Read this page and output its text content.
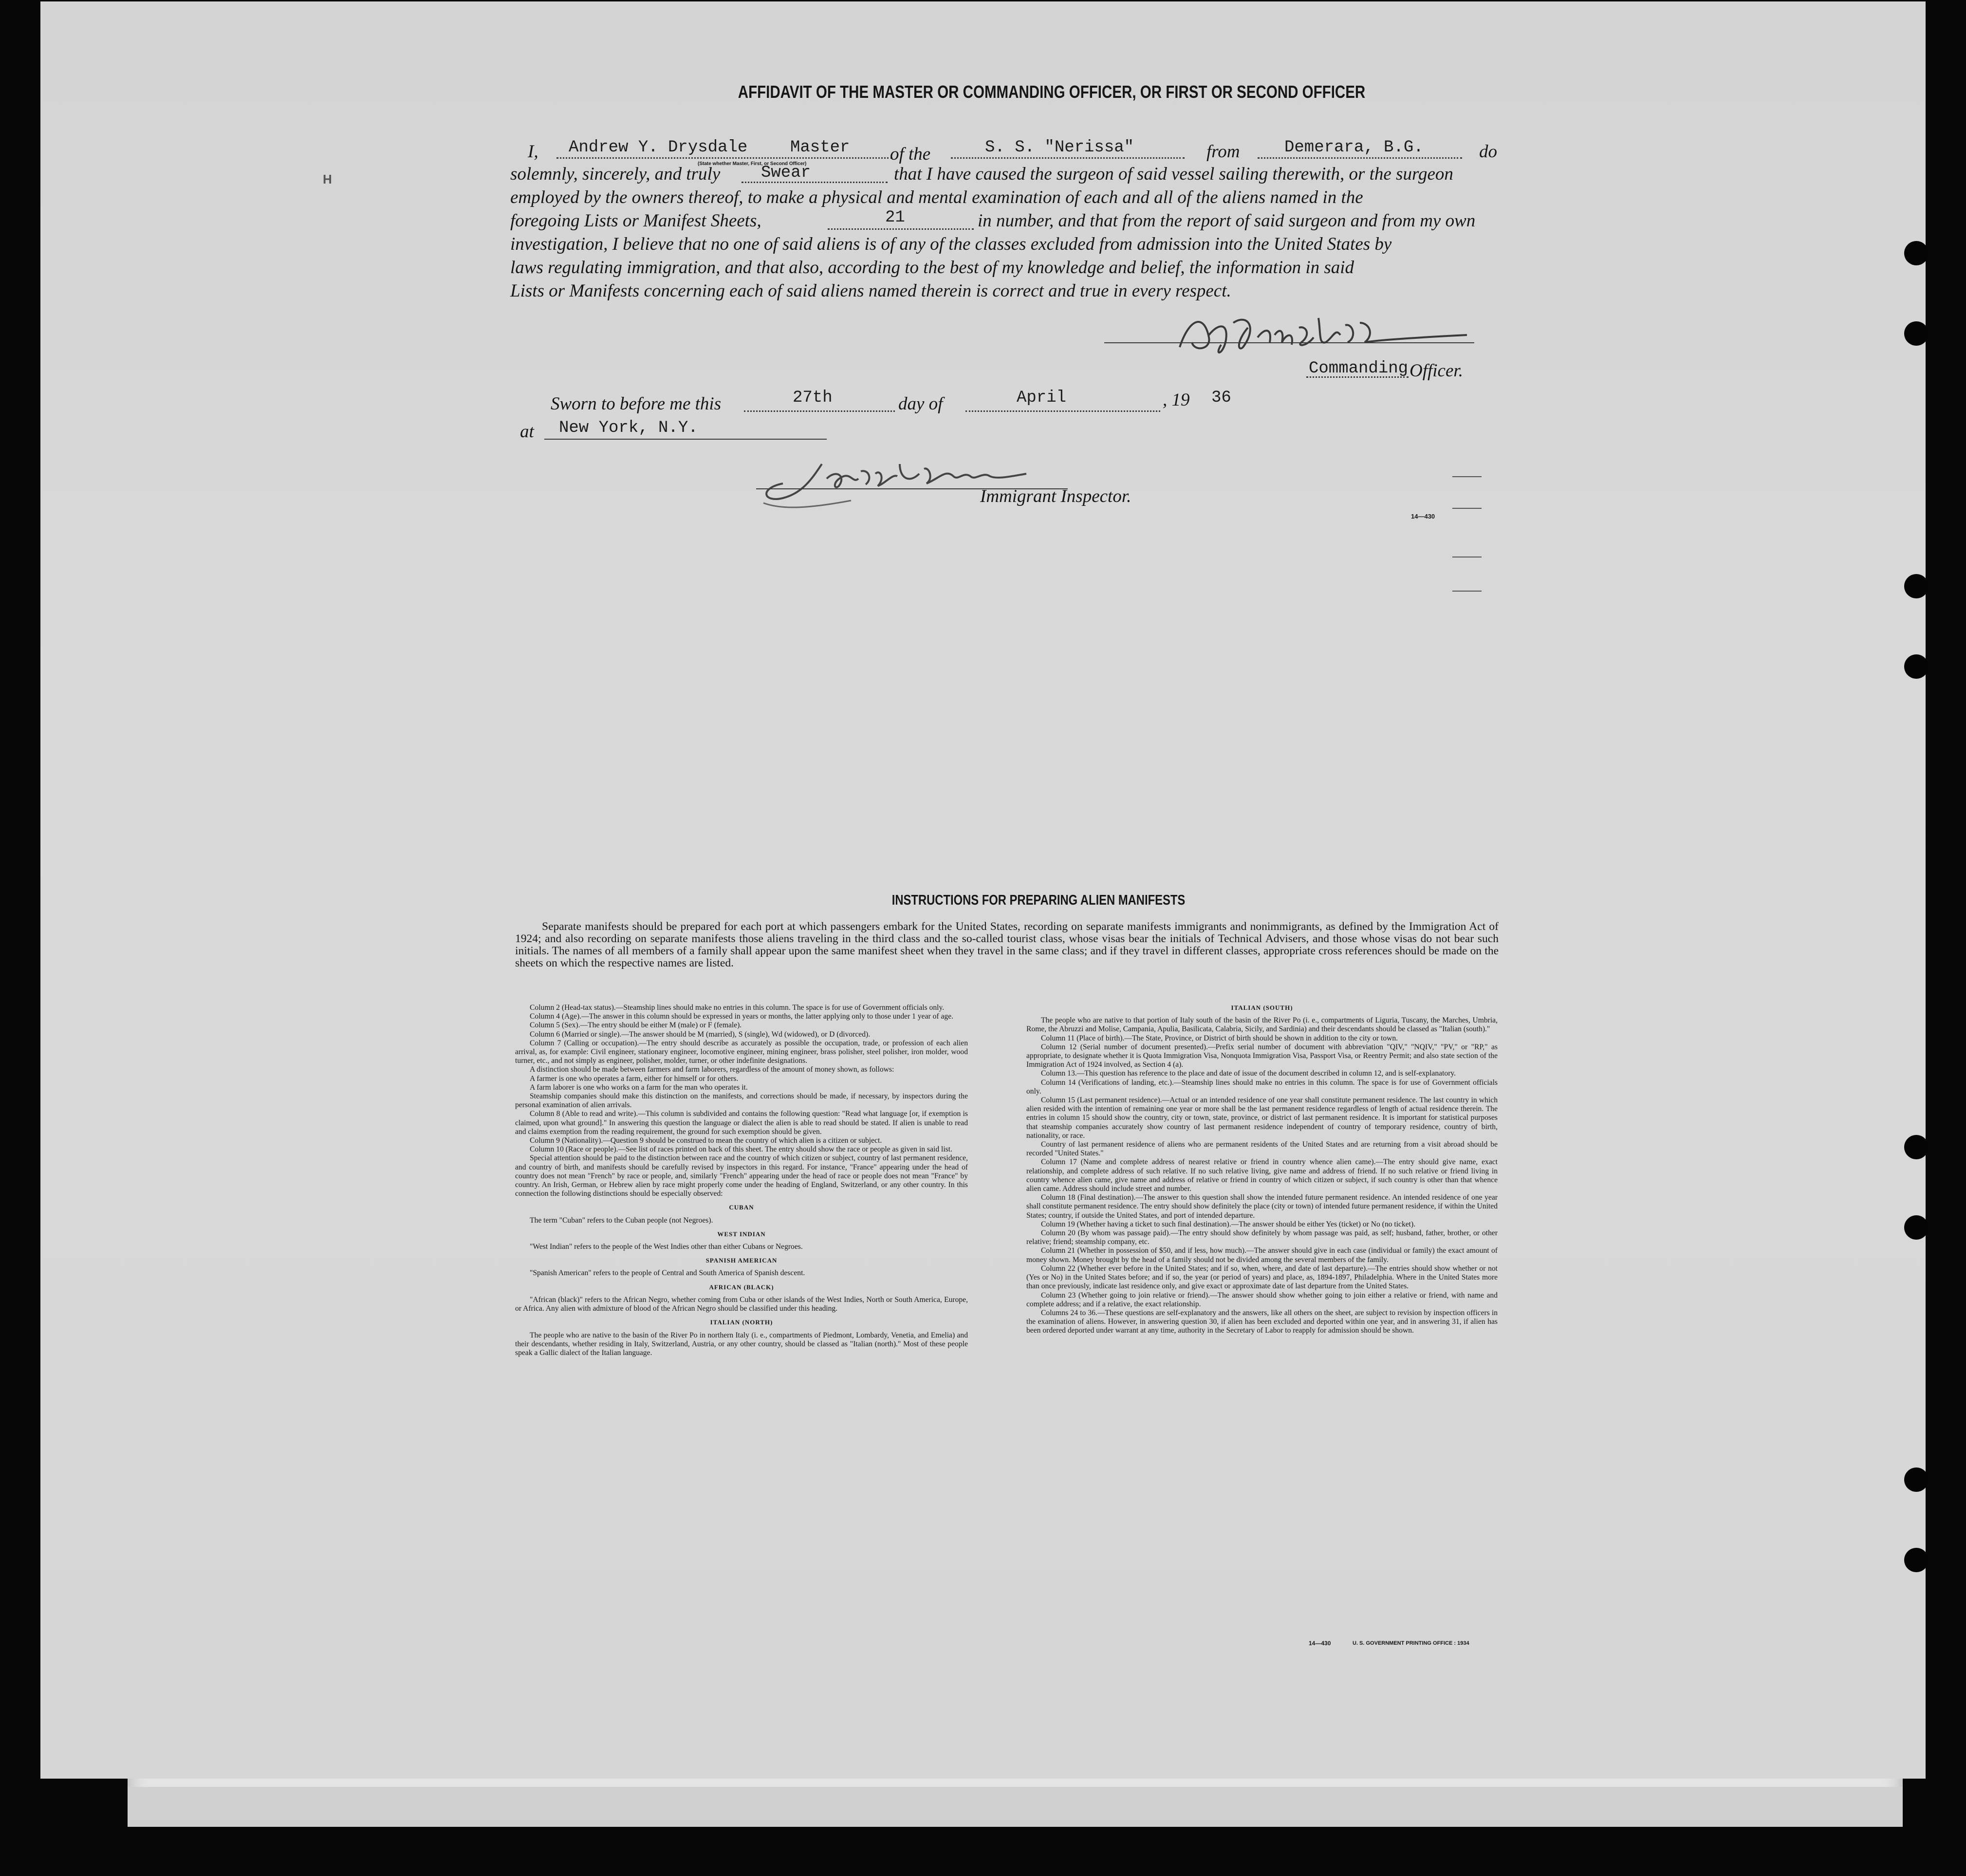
H
AFFIDAVIT OF THE MASTER OR COMMANDING OFFICER, OR FIRST OR SECOND OFFICER
I, Andrew Y. Drysdale	Master of the	S. S. "Nerissa"	from	Demerara, B.G.	do
(State whether Master, First, or Second Officer)
solemnly, sincerely, and truly Swear	that I have caused the surgeon of said vessel sailing therewith, or the surgeon
employed by the owners thereof, to make a physical and mental examination of each and all of the aliens named in the
foregoing Lists or Manifest Sheets,	21	in number, and that from the report of said surgeon and from my own
investigation, I believe that no one of said aliens is of any of the classes excluded from admission into the United States by
laws regulating immigration, and that also, according to the best of my knowledge and belief, the information in said
Lists or Manifests concerning each of said aliens named therein is correct and true in every respect.
Commanding Officer.
Sworn to before me this	27th	day of	April	, 19 36
at New York, N.Y.
Immigrant Inspector.
14—430
INSTRUCTIONS FOR PREPARING ALIEN MANIFESTS
Separate manifests should be prepared for each port at which passengers embark for the United States, recording on separate manifests immigrants and nonimmigrants, as defined by the Immigration Act of 1924; and also recording on separate manifests those aliens traveling in the third class and the so-called tourist class, whose visas bear the initials of Technical Advisers, and those whose visas do not bear such initials. The names of all members of a family shall appear upon the same manifest sheet when they travel in the same class; and if they travel in different classes, appropriate cross references should be made on the sheets on which the respective names are listed.

Column 2 (Head-tax status).—Steamship lines should make no entries in this column. The space is for use of Government officials only.

Column 4 (Age).—The answer in this column should be expressed in years or months, the latter applying only to those under 1 year of age.

Column 5 (Sex).—The entry should be either M (male) or F (female).

Column 6 (Married or single).—The answer should be M (married), S (single), Wd (widowed), or D (divorced).

Column 7 (Calling or occupation).—The entry should describe as accurately as possible the occupation, trade, or profession of each alien arrival, as, for example: Civil engineer, stationary engineer, locomotive engineer, mining engineer, brass polisher, steel polisher, iron molder, wood turner, etc., and not simply as engineer, polisher, molder, turner, or other indefinite designations.

A distinction should be made between farmers and farm laborers, regardless of the amount of money shown, as follows:

A farmer is one who operates a farm, either for himself or for others.

A farm laborer is one who works on a farm for the man who operates it.

Steamship companies should make this distinction on the manifests, and corrections should be made, if necessary, by inspectors during the personal examination of alien arrivals.

Column 8 (Able to read and write).—This column is subdivided and contains the following question: "Read what language [or, if exemption is claimed, upon what ground]." In answering this question the language or dialect the alien is able to read should be stated. If alien is unable to read and claims exemption from the reading requirement, the ground for such exemption should be given.

Column 9 (Nationality).—Question 9 should be construed to mean the country of which alien is a citizen or subject.

Column 10 (Race or people).—See list of races printed on back of this sheet. The entry should show the race or people as given in said list.

Special attention should be paid to the distinction between race and the country of which citizen or subject, country of last permanent residence, and country of birth, and manifests should be carefully revised by inspectors in this regard. For instance, "France" appearing under the head of country does not mean "French" by race or people, and, similarly "French" appearing under the head of race or people does not mean "France" by country. An Irish, German, or Hebrew alien by race might properly come under the heading of England, Switzerland, or any other country. In this connection the following distinctions should be especially observed:

CUBAN

The term "Cuban" refers to the Cuban people (not Negroes).

WEST INDIAN

"West Indian" refers to the people of the West Indies other than either Cubans or Negroes.

SPANISH AMERICAN

"Spanish American" refers to the people of Central and South America of Spanish descent.

AFRICAN (BLACK)

"African (black)" refers to the African Negro, whether coming from Cuba or other islands of the West Indies, North or South America, Europe, or Africa. Any alien with admixture of blood of the African Negro should be classified under this heading.

ITALIAN (NORTH)

The people who are native to the basin of the River Po in northern Italy (i. e., compartments of Piedmont, Lombardy, Venetia, and Emelia) and their descendants, whether residing in Italy, Switzerland, Austria, or any other country, should be classed as "Italian (north)." Most of these people speak a Gallic dialect of the Italian language.

ITALIAN (SOUTH)

The people who are native to that portion of Italy south of the basin of the River Po (i. e., compartments of Liguria, Tuscany, the Marches, Umbria, Rome, the Abruzzi and Molise, Campania, Apulia, Basilicata, Calabria, Sicily, and Sardinia) and their descendants should be classed as "Italian (south)."

Column 11 (Place of birth).—The State, Province, or District of birth should be shown in addition to the city or town.

Column 12 (Serial number of document presented).—Prefix serial number of document with abbreviation "QIV," "NQIV," "PV," or "RP," as appropriate, to designate whether it is Quota Immigration Visa, Nonquota Immigration Visa, Passport Visa, or Reentry Permit; and also state section of the Immigration Act of 1924 involved, as Section 4 (a).

Column 13.—This question has reference to the place and date of issue of the document described in column 12, and is self-explanatory.

Column 14 (Verifications of landing, etc.).—Steamship lines should make no entries in this column. The space is for use of Government officials only.

Column 15 (Last permanent residence).—Actual or an intended residence of one year shall constitute permanent residence. The last country in which alien resided with the intention of remaining one year or more shall be the last permanent residence regardless of length of actual residence therein. The entries in column 15 should show the country, city or town, state, province, or district of last permanent residence. It is important for statistical purposes that steamship companies accurately show country of last permanent residence independent of country of temporary residence, country of birth, nationality, or race.

Country of last permanent residence of aliens who are permanent residents of the United States and are returning from a visit abroad should be recorded "United States."

Column 17 (Name and complete address of nearest relative or friend in country whence alien came).—The entry should give name, exact relationship, and complete address of such relative. If no such relative living, give name and address of friend. If no such relative or friend living in country whence alien came, give name and address of relative or friend in country of which citizen or subject, if such country is other than that whence alien came. Address should include street and number.

Column 18 (Final destination).—The answer to this question shall show the intended future permanent residence. An intended residence of one year shall constitute permanent residence. The entry should show definitely the place (city or town) of intended future permanent residence, if within the United States; country, if outside the United States, and port of intended departure.

Column 19 (Whether having a ticket to such final destination).—The answer should be either Yes (ticket) or No (no ticket).

Column 20 (By whom was passage paid).—The entry should show definitely by whom passage was paid, as self; husband, father, brother, or other relative; friend; steamship company, etc.

Column 21 (Whether in possession of $50, and if less, how much).—The answer should give in each case (individual or family) the exact amount of money shown. Money brought by the head of a family should not be divided among the several members of the family.

Column 22 (Whether ever before in the United States; and if so, when, where, and date of last departure).—The entries should show whether or not (Yes or No) in the United States before; and if so, the year (or period of years) and place, as, 1894-1897, Philadelphia. Where in the United States more than once previously, indicate last residence only, and give exact or approximate date of last departure from the United States.

Column 23 (Whether going to join relative or friend).—The answer should show whether going to join either a relative or friend, with name and complete address; and if a relative, the exact relationship.

Columns 24 to 36.—These questions are self-explanatory and the answers, like all others on the sheet, are subject to revision by inspection officers in the examination of aliens. However, in answering question 30, if alien has been excluded and deported within one year, and in answering 31, if alien has been ordered deported under warrant at any time, authority in the Secretary of Labor to reapply for admission should be shown.

14—430	U. S. GOVERNMENT PRINTING OFFICE : 1934
